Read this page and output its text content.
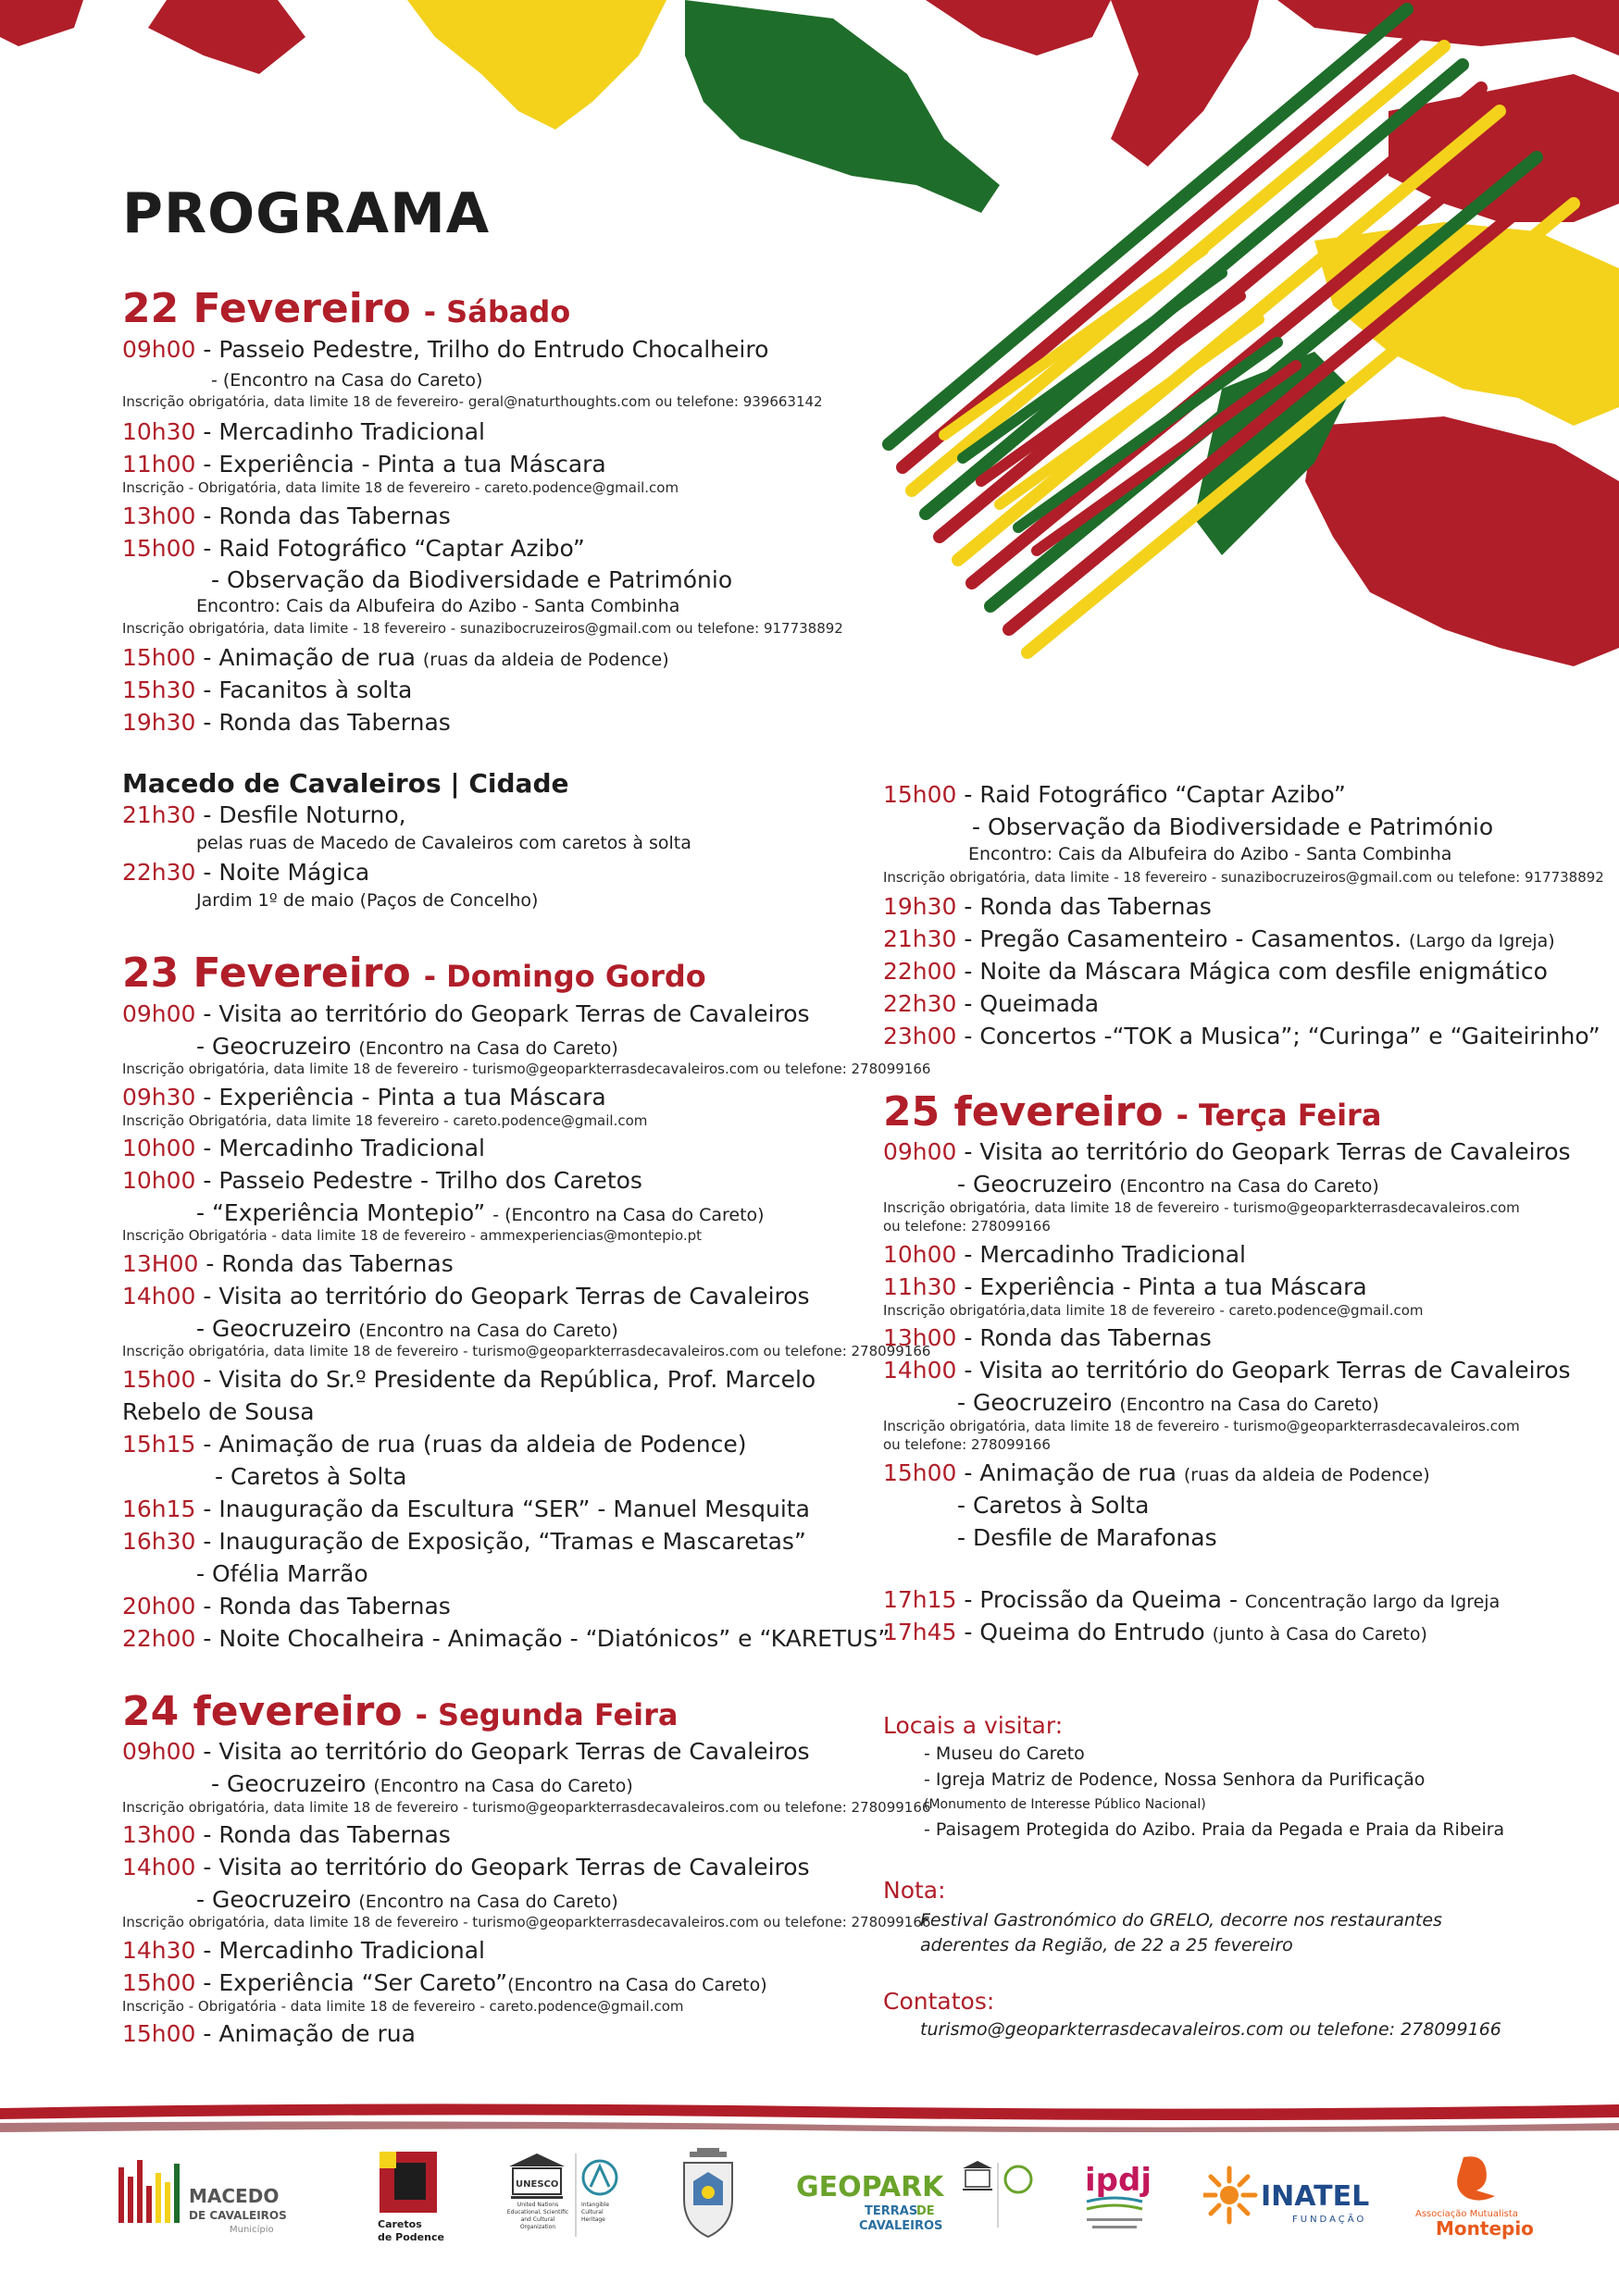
PROGRAMA
22 Fevereiro - Sábado
09h00 - Passeio Pedestre, Trilho do Entrudo Chocalheiro
- (Encontro na Casa do Careto)
Inscrição obrigatória, data limite 18 de fevereiro- geral@naturthoughts.com ou telefone: 939663142
10h30 - Mercadinho Tradicional
11h00 - Experiência - Pinta a tua Máscara
Inscrição - Obrigatória, data limite 18 de fevereiro - careto.podence@gmail.com
13h00 - Ronda das Tabernas
15h00 - Raid Fotográfico “Captar Azibo”
- Observação da Biodiversidade e Património
Encontro: Cais da Albufeira do Azibo - Santa Combinha
Inscrição obrigatória, data limite - 18 fevereiro - sunazibocruzeiros@gmail.com ou telefone: 917738892
15h00 - Animação de rua (ruas da aldeia de Podence)
15h30 - Facanitos à solta
19h30 - Ronda das Tabernas
Macedo de Cavaleiros | Cidade
21h30 - Desfile Noturno,
pelas ruas de Macedo de Cavaleiros com caretos à solta
22h30 - Noite Mágica
Jardim 1º de maio (Paços de Concelho)
23 Fevereiro - Domingo Gordo
09h00 - Visita ao território do Geopark Terras de Cavaleiros
- Geocruzeiro (Encontro na Casa do Careto)
Inscrição obrigatória, data limite 18 de fevereiro - turismo@geoparkterrasdecavaleiros.com ou telefone: 278099166
09h30 - Experiência - Pinta a tua Máscara
Inscrição Obrigatória, data limite 18 fevereiro - careto.podence@gmail.com
10h00 - Mercadinho Tradicional
10h00 - Passeio Pedestre - Trilho dos Caretos
- “Experiência Montepio” - (Encontro na Casa do Careto)
Inscrição Obrigatória - data limite 18 de fevereiro - ammexperiencias@montepio.pt
13H00 - Ronda das Tabernas
14h00 - Visita ao território do Geopark Terras de Cavaleiros
- Geocruzeiro (Encontro na Casa do Careto)
Inscrição obrigatória, data limite 18 de fevereiro - turismo@geoparkterrasdecavaleiros.com ou telefone: 278099166
15h00 - Visita do Sr.º Presidente da República, Prof. Marcelo
Rebelo de Sousa
15h15 - Animação de rua (ruas da aldeia de Podence)
- Caretos à Solta
16h15 - Inauguração da Escultura “SER” - Manuel Mesquita
16h30 - Inauguração de Exposição, “Tramas e Mascaretas”
- Ofélia Marrão
20h00 - Ronda das Tabernas
22h00 - Noite Chocalheira - Animação - “Diatónicos” e “KARETUS”
24 fevereiro - Segunda Feira
09h00 - Visita ao território do Geopark Terras de Cavaleiros
- Geocruzeiro (Encontro na Casa do Careto)
Inscrição obrigatória, data limite 18 de fevereiro - turismo@geoparkterrasdecavaleiros.com ou telefone: 278099166
13h00 - Ronda das Tabernas
14h00 - Visita ao território do Geopark Terras de Cavaleiros
- Geocruzeiro (Encontro na Casa do Careto)
Inscrição obrigatória, data limite 18 de fevereiro - turismo@geoparkterrasdecavaleiros.com ou telefone: 278099166
14h30 - Mercadinho Tradicional
15h00 - Experiência “Ser Careto”(Encontro na Casa do Careto)
Inscrição - Obrigatória - data limite 18 de fevereiro - careto.podence@gmail.com
15h00 - Animação de rua
15h00 - Raid Fotográfico “Captar Azibo”
- Observação da Biodiversidade e Património
Encontro: Cais da Albufeira do Azibo - Santa Combinha
Inscrição obrigatória, data limite - 18 fevereiro - sunazibocruzeiros@gmail.com ou telefone: 917738892
19h30 - Ronda das Tabernas
21h30 - Pregão Casamenteiro - Casamentos. (Largo da Igreja)
22h00 - Noite da Máscara Mágica com desfile enigmático
22h30 - Queimada
23h00 - Concertos -“TOK a Musica”; “Curinga” e “Gaiteirinho”
25 fevereiro - Terça Feira
09h00 - Visita ao território do Geopark Terras de Cavaleiros
- Geocruzeiro (Encontro na Casa do Careto)
Inscrição obrigatória, data limite 18 de fevereiro - turismo@geoparkterrasdecavaleiros.com
ou telefone: 278099166
10h00 - Mercadinho Tradicional
11h30 - Experiência - Pinta a tua Máscara
Inscrição obrigatória,data limite 18 de fevereiro - careto.podence@gmail.com
13h00 - Ronda das Tabernas
14h00 - Visita ao território do Geopark Terras de Cavaleiros
- Geocruzeiro (Encontro na Casa do Careto)
Inscrição obrigatória, data limite 18 de fevereiro - turismo@geoparkterrasdecavaleiros.com
ou telefone: 278099166
15h00 - Animação de rua (ruas da aldeia de Podence)
- Caretos à Solta
- Desfile de Marafonas
17h15 - Procissão da Queima - Concentração largo da Igreja
17h45 - Queima do Entrudo (junto à Casa do Careto)
Locais a visitar:
- Museu do Careto
- Igreja Matriz de Podence, Nossa Senhora da Purificação
(Monumento de Interesse Público Nacional)
- Paisagem Protegida do Azibo. Praia da Pegada e Praia da Ribeira
Nota:
Festival Gastronómico do GRELO, decorre nos restaurantes aderentes da Região, de 22 a 25 fevereiro
Contatos:
turismo@geoparkterrasdecavaleiros.com ou telefone: 278099166
MACEDO
DE CAVALEIROS
Município	Caretos
de Podence
UNESCO
United Nations Educational, Scientific and Cultural Organization
Intangible Cultural Heritage
GEOPARK
TERRAS
DE
CAVALEIROS
ipdj	INATEL
FUNDAÇÃO
Associação Mutualista
Montepio
